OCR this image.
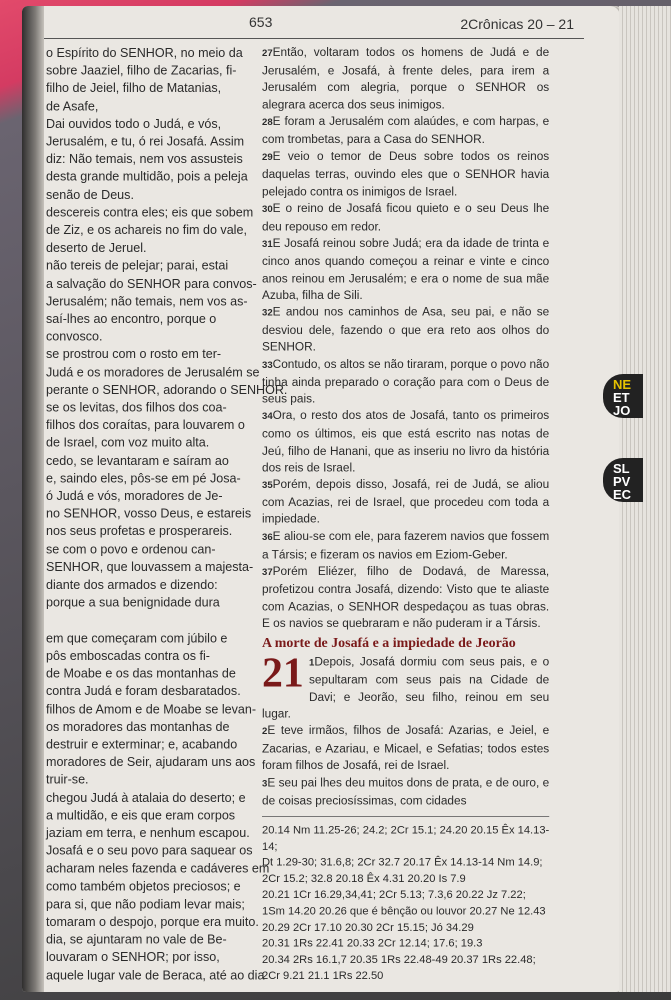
653	2Crônicas 20 – 21
o Espírito do SENHOR, no meio da
sobre Jaaziel, filho de Zacarias, fi-
filho de Jeiel, filho de Matanias,
de Asafe,
Dai ouvidos todo o Judá, e vós,
Jerusalém, e tu, ó rei Josafá. Assim
diz: Não temais, nem vos assusteis
desta grande multidão, pois a peleja
senão de Deus.
descereis contra eles; eis que sobem
de Ziz, e os achareis no fim do vale,
deserto de Jeruel.
não tereis de pelejar; parai, estai
a salvação do SENHOR para convos-
Jerusalém; não temais, nem vos as-
saí-lhes ao encontro, porque o
convosco.
se prostrou com o rosto em ter-
Judá e os moradores de Jerusalém se
perante o SENHOR, adorando o SENHOR.
se os levitas, dos filhos dos coa-
filhos dos coraítas, para louvarem o
de Israel, com voz muito alta.
cedo, se levantaram e saíram ao
e, saindo eles, pôs-se em pé Josa-
ó Judá e vós, moradores de Je-
no SENHOR, vosso Deus, e estareis
nos seus profetas e prosperareis.
se com o povo e ordenou can-
SENHOR, que louvassem a majesta-
diante dos armados e dizendo:
porque a sua benignidade dura

em que começaram com júbilo e
pôs emboscadas contra os fi-
de Moabe e os das montanhas de
contra Judá e foram desbaratados.
filhos de Amom e de Moabe se levan-
os moradores das montanhas de
destruir e exterminar; e, acabando
moradores de Seir, ajudaram uns aos
truir-se.
chegou Judá à atalaia do deserto; e
a multidão, e eis que eram corpos
jaziam em terra, e nenhum escapou.
Josafá e o seu povo para saquear os
acharam neles fazenda e cadáveres em
como também objetos preciosos; e
para si, que não podiam levar mais;
tomaram o despojo, porque era muito.
dia, se ajuntaram no vale de Be-
louvaram o SENHOR; por isso,
aquele lugar vale de Beraca, até ao dia

27Então, voltaram todos os homens de Judá e de Jerusalém, e Josafá, à frente deles, para irem a Jerusalém com alegria, porque o SENHOR os alegrara acerca dos seus inimigos.

28E foram a Jerusalém com alaúdes, e com harpas, e com trombetas, para a Casa do SENHOR.

29E veio o temor de Deus sobre todos os reinos daquelas terras, ouvindo eles que o SENHOR havia pelejado contra os inimigos de Israel.

30E o reino de Josafá ficou quieto e o seu Deus lhe deu repouso em redor.

31E Josafá reinou sobre Judá; era da idade de trinta e cinco anos quando começou a reinar e vinte e cinco anos reinou em Jerusalém; e era o nome de sua mãe Azuba, filha de Sili.

32E andou nos caminhos de Asa, seu pai, e não se desviou dele, fazendo o que era reto aos olhos do SENHOR.

33Contudo, os altos se não tiraram, porque o povo não tinha ainda preparado o coração para com o Deus de seus pais.

34Ora, o resto dos atos de Josafá, tanto os primeiros como os últimos, eis que está escrito nas notas de Jeú, filho de Hanani, que as inseriu no livro da história dos reis de Israel.

35Porém, depois disso, Josafá, rei de Judá, se aliou com Acazias, rei de Israel, que procedeu com toda a impiedade.

36E aliou-se com ele, para fazerem navios que fossem a Társis; e fizeram os navios em Eziom-Geber.

37Porém Eliézer, filho de Dodavá, de Maressa, profetizou contra Josafá, dizendo: Visto que te aliaste com Acazias, o SENHOR despedaçou as tuas obras. E os navios se quebraram e não puderam ir a Társis.

A morte de Josafá e a impiedade de Jeorão

21 1Depois, Josafá dormiu com seus pais, e o sepultaram com seus pais na Cidade de Davi; e Jeorão, seu filho, reinou em seu lugar.

2E teve irmãos, filhos de Josafá: Azarias, e Jeiel, e Zacarias, e Azariau, e Micael, e Sefatias; todos estes foram filhos de Josafá, rei de Israel.

3E seu pai lhes deu muitos dons de prata, e de ouro, e de coisas preciosíssimas, com cidades

20.14 Nm 11.25-26; 24.2; 2Cr 15.1; 24.20 20.15 Êx 14.13-14;
Dt 1.29-30; 31.6,8; 2Cr 32.7 20.17 Êx 14.13-14 Nm 14.9;
2Cr 15.2; 32.8 20.18 Êx 4.31 20.20 Is 7.9
20.21 1Cr 16.29,34,41; 2Cr 5.13; 7.3,6 20.22 Jz 7.22;
1Sm 14.20 20.26 que é bênção ou louvor 20.27 Ne 12.43
20.29 2Cr 17.10 20.30 2Cr 15.15; Jó 34.29
20.31 1Rs 22.41 20.33 2Cr 12.14; 17.6; 19.3
20.34 2Rs 16.1,7 20.35 1Rs 22.48-49 20.37 1Rs 22.48;
2Cr 9.21 21.1 1Rs 22.50
NE
ET
JO
SL
PV
EC
